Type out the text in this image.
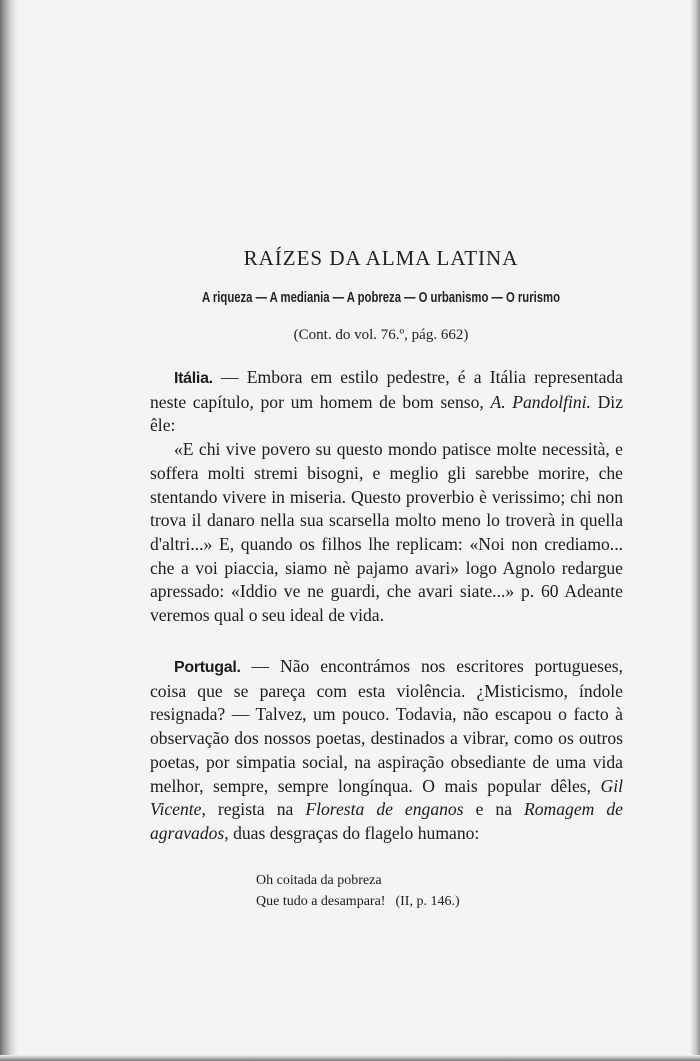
RAÍZES DA ALMA LATINA
A riqueza — A mediania — A pobreza — O urbanismo — O rurismo
(Cont. do vol. 76.º, pág. 662)

Itália. — Embora em estilo pedestre, é a Itália representada neste capítulo, por um homem de bom senso, A. Pandolfini. Diz êle:

«E chi vive povero su questo mondo patisce molte necessità, e soffera molti stremi bisogni, e meglio gli sarebbe morire, che stentando vivere in miseria. Questo proverbio è verissimo; chi non trova il danaro nella sua scarsella molto meno lo troverà in quella d'altri...» E, quando os filhos lhe replicam: «Noi non crediamo... che a voi piaccia, siamo nè pajamo avari» logo Agnolo redargue apressado: «Iddio ve ne guardi, che avari siate...» p. 60 Adeante veremos qual o seu ideal de vida.

Portugal. — Não encontrámos nos escritores portugueses, coisa que se pareça com esta violência. ¿Misticismo, índole resignada? — Talvez, um pouco. Todavia, não escapou o facto à observação dos nossos poetas, destinados a vibrar, como os outros poetas, por simpatia social, na aspiração obsediante de uma vida melhor, sempre, sempre longínqua. O mais popular dêles, Gil Vicente, regista na Floresta de enganos e na Romagem de agravados, duas desgraças do flagelo humano:

Oh coitada da pobreza
Que tudo a desampara! (II, p. 146.)
